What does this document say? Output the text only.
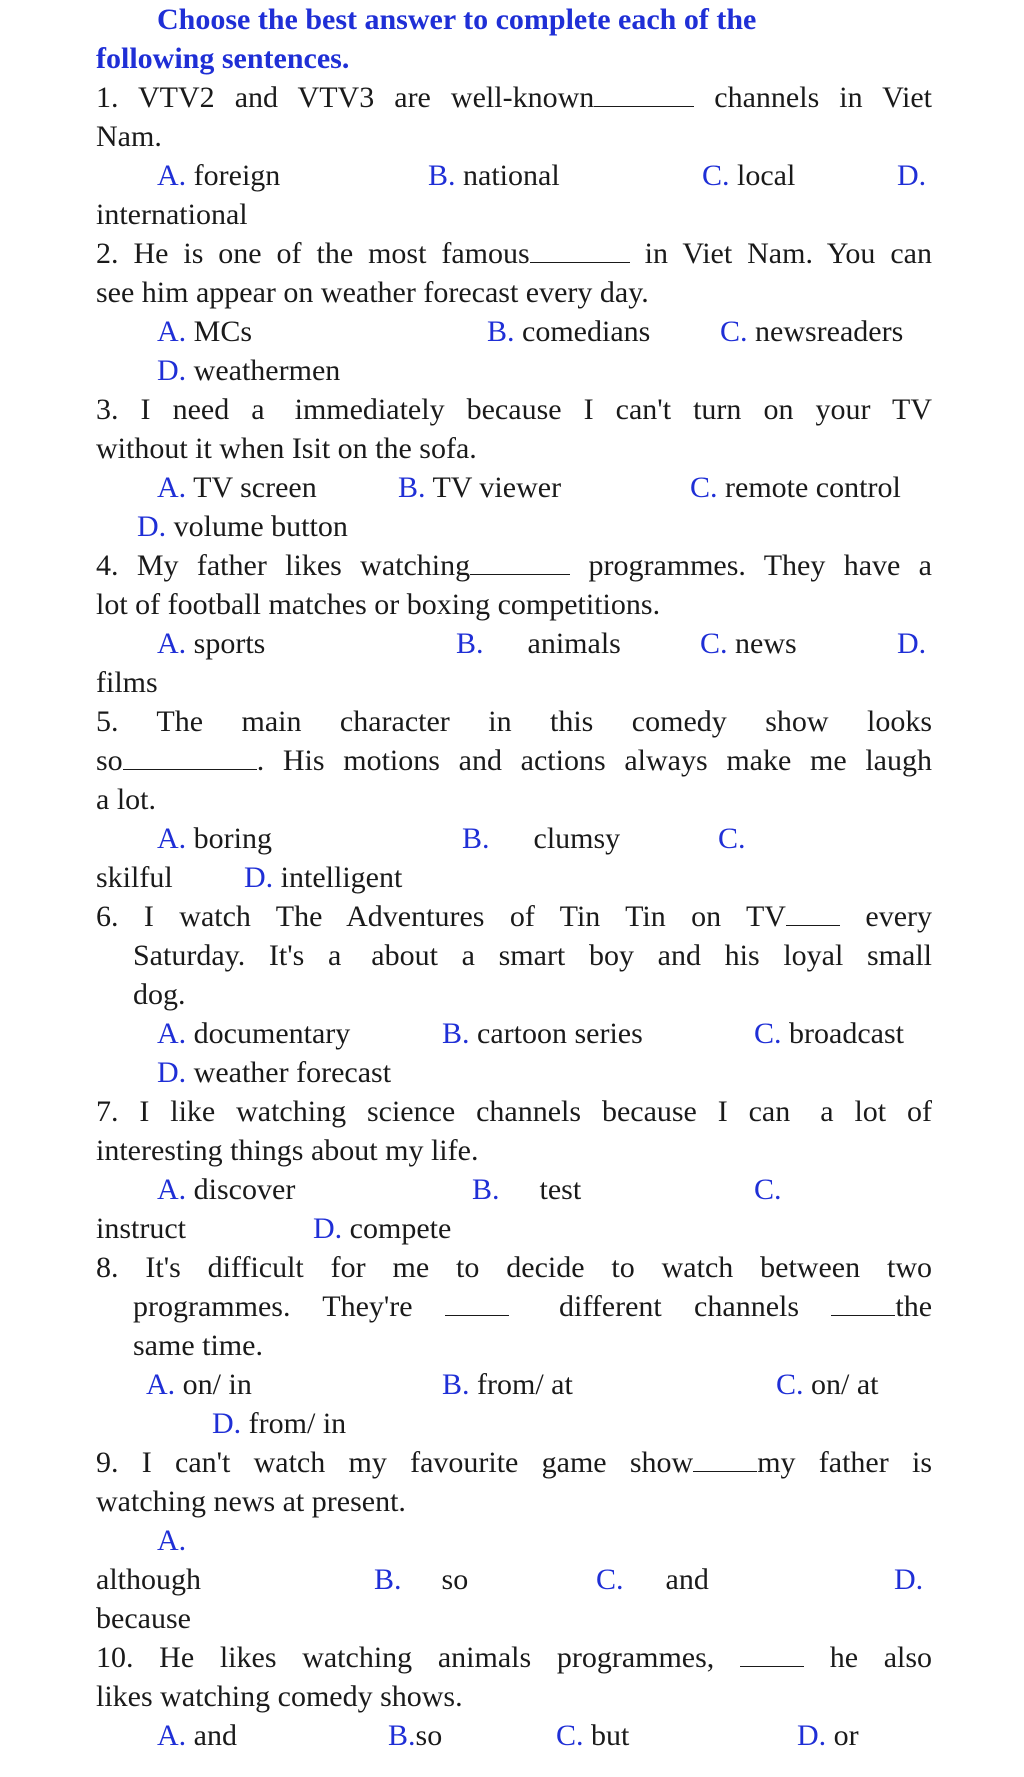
Choose the best answer to complete each of the
following sentences.
1. VTV2 and VTV3 are well-known	channels in Viet
Nam.
A. foreign	B. national	C. local	D.
international
2. He is one of the most famous	in Viet Nam. You can
see him appear on weather forecast every day.
A. MCs	B. comedians C. newsreaders
D. weathermen
3. I need a immediately because I can't turn on your TV
without it when Isit on the sofa.
A. TV screen	B. TV viewer	C. remote control
D. volume button
4. My father likes watching	programmes. They have a
lot of football matches or boxing competitions.
A. sports	B. animals	C. news	D.
films
5. The main character in this comedy show looks
so	. His motions and actions always make me laugh
a lot.
A. boring	B. clumsy	C.
skilful D. intelligent
6. I watch The Adventures of Tin Tin on TV	every
Saturday. It's a about a smart boy and his loyal small
dog.
A. documentary	B. cartoon series	C. broadcast
D. weather forecast
7. I like watching science channels because I can a lot of
interesting things about my life.
A. discover	B. test	C.
instruct	D. compete
8. It's difficult for me to decide to watch between two
programmes. They're	different channels	the
same time.
A. on/ in	B. from/ at	C. on/ at
D. from/ in
9. I can't watch my favourite game show my father is
watching news at present.
A.
although	B. so	C. and	D.
because
10. He likes watching animals programmes,	he also
likes watching comedy shows.
A. and	B.so	C. but	D. or
